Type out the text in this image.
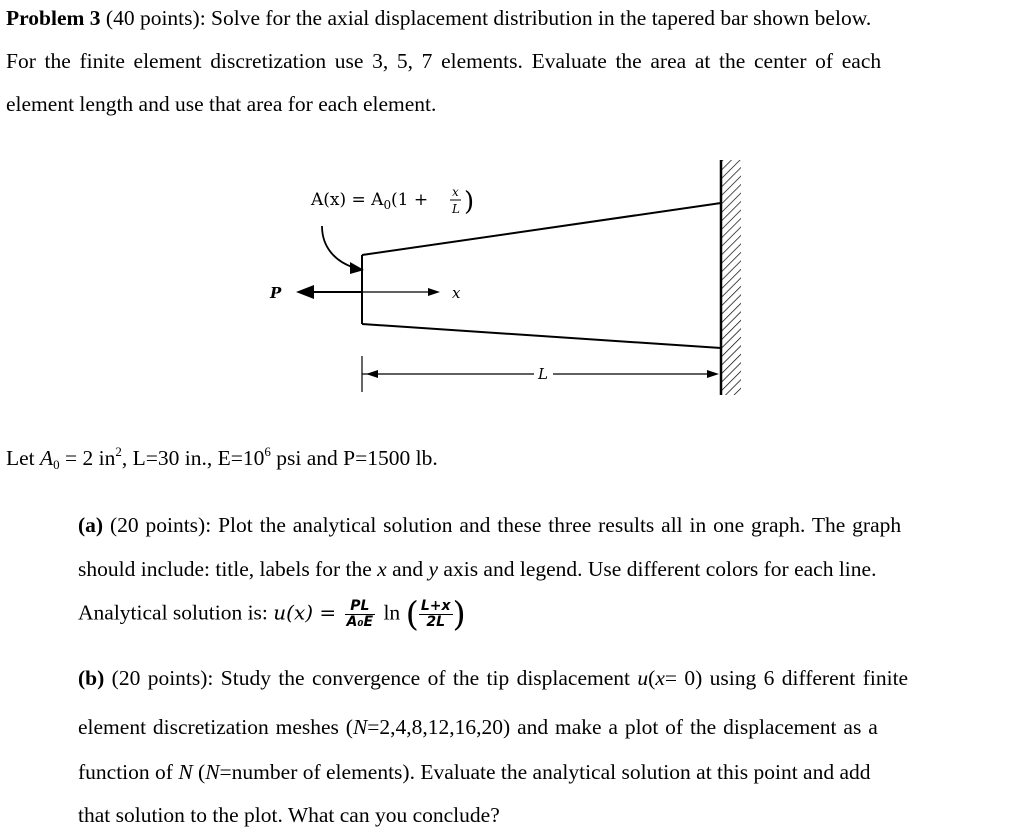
Problem 3 (40 points): Solve for the axial displacement distribution in the tapered bar shown below.
For the finite element discretization use 3, 5, 7 elements. Evaluate the area at the center of each
element length and use that area for each element.
P	x
L
$A(x) = A_0$ (1 + x
L )
Let $A_0 = 2$ $in^2$, L=30 in., $E=10^6$ psi and P=1500 lb.
(a) (20 points): Plot the analytical solution and these three results all in one graph. The graph
should include: title, labels for the x and y axis and legend. Use different colors for each line.
Analytical solution is: $u(x) = \frac{PL}{\text{A₀E}}$ ln ( $\frac{L+x}{2L}$ )
(b) (20 points): Study the convergence of the tip displacement u(x= 0) using 6 different finite
element discretization meshes (N=2,4,8,12,16,20) and make a plot of the displacement as a
function of N (N=number of elements). Evaluate the analytical solution at this point and add
that solution to the plot. What can you conclude?
